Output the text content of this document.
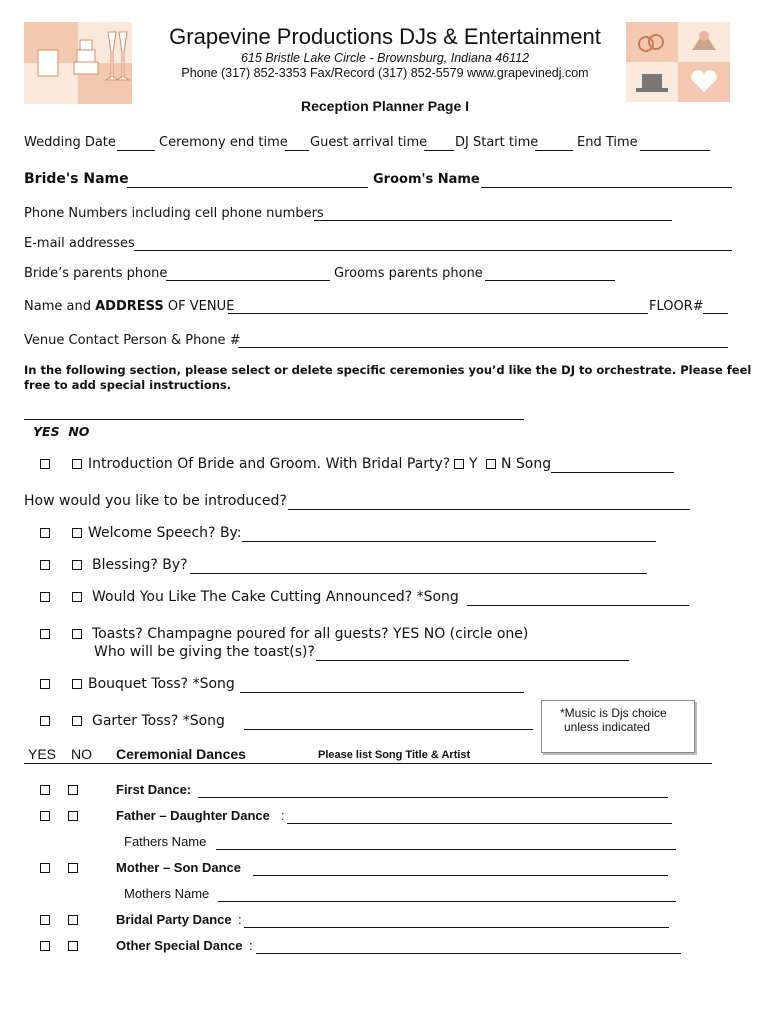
Grapevine Productions DJs & Entertainment
615 Bristle Lake Circle - Brownsburg, Indiana 46112
Phone (317) 852-3353 Fax/Record (317) 852-5579 www.grapevinedj.com
Reception Planner Page I
Wedding Date	Ceremony end time Guest arrival time DJ Start time	End Time
Bride's Name	Groom's Name
Phone Numbers including cell phone numbers
E-mail addresses
Bride’s parents phone	Grooms parents phone
Name and ADDRESS OF VENUE	FLOOR#
Venue Contact Person & Phone #
In the following section, please select or delete specific ceremonies you’d like the DJ to orchestrate. Please feel
free to add special instructions.
YES NO
Introduction Of Bride and Groom. With Bridal Party? Y N Song
How would you like to be introduced?
Welcome Speech? By:
Blessing? By?
Would You Like The Cake Cutting Announced? *Song
Toasts? Champagne poured for all guests? YES NO (circle one)
Who will be giving the toast(s)?
Bouquet Toss? *Song
Garter Toss? *Song	*Music is Djs choice
unless indicated
YES NO Ceremonial Dances	Please list Song Title & Artist
First Dance:
Father – Daughter Dance :
Fathers Name
Mother – Son Dance
Mothers Name
Bridal Party Dance :
Other Special Dance :
